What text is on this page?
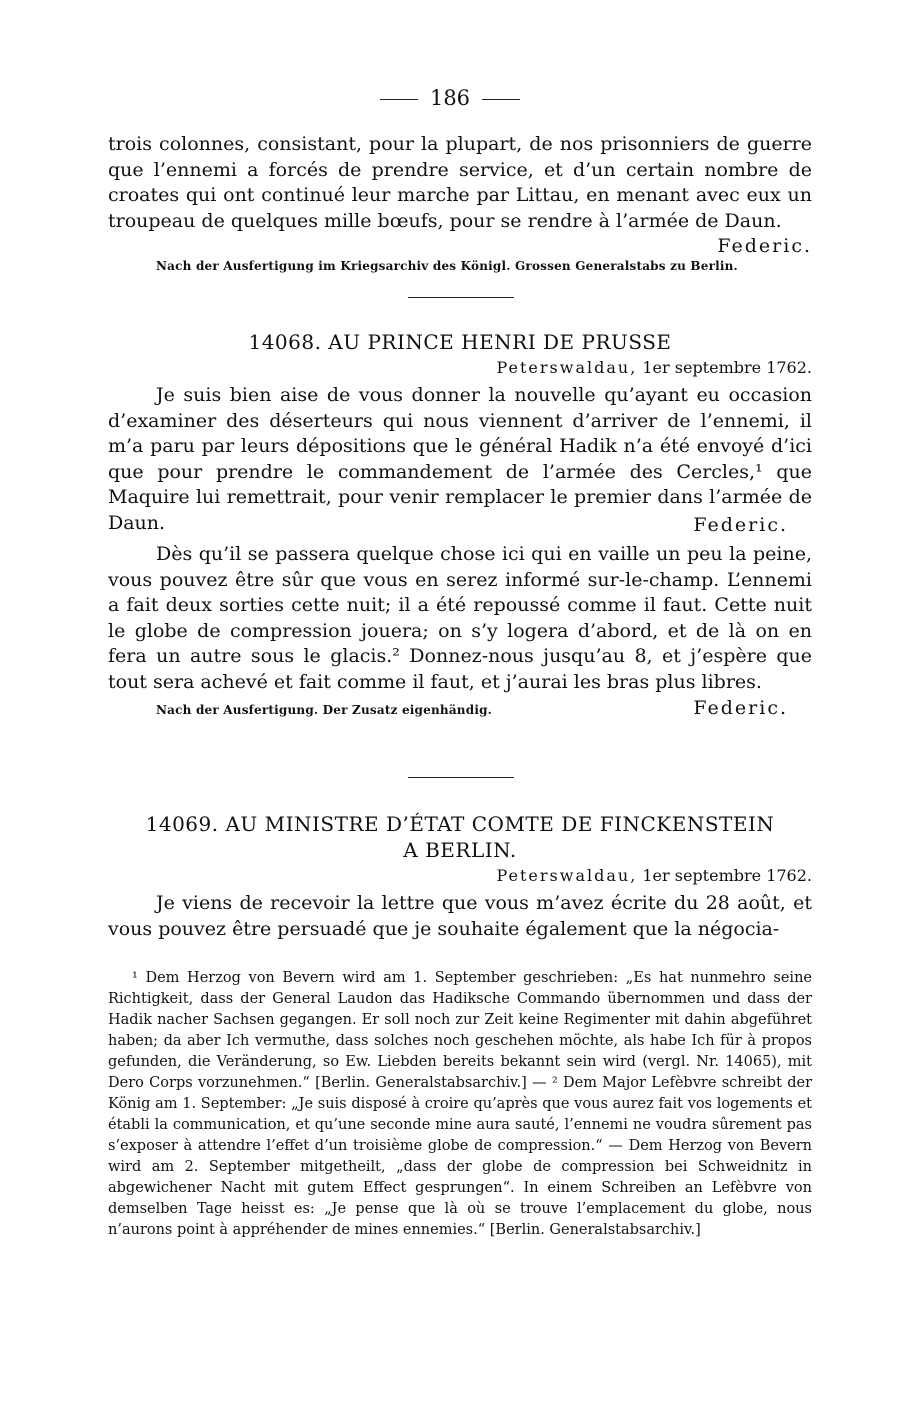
186

trois colonnes, consistant, pour la plupart, de nos prisonniers de guerre que l’ennemi a forcés de prendre service, et d’un certain nombre de croates qui ont continué leur marche par Littau, en menant avec eux un troupeau de quelques mille bœufs, pour se rendre à l’armée de Daun.

Federic.
Nach der Ausfertigung im Kriegsarchiv des Königl. Grossen Generalstabs zu Berlin.
14068. AU PRINCE HENRI DE PRUSSE
Peterswaldau, 1er septembre 1762.

Je suis bien aise de vous donner la nouvelle qu’ayant eu occasion d’examiner des déserteurs qui nous viennent d’arriver de l’ennemi, il m’a paru par leurs dépositions que le général Hadik n’a été envoyé d’ici que pour prendre le commandement de l’armée des Cercles,¹ que Maquire lui remettrait, pour venir remplacer le premier dans l’armée de Daun.	Federic.

Dès qu’il se passera quelque chose ici qui en vaille un peu la peine, vous pouvez être sûr que vous en serez informé sur-le-champ. L’ennemi a fait deux sorties cette nuit; il a été repoussé comme il faut. Cette nuit le globe de compression jouera; on s’y logera d’abord, et de là on en fera un autre sous le glacis.² Donnez-nous jusqu’au 8, et j’espère que tout sera achevé et fait comme il faut, et j’aurai les bras plus libres.

Nach der Ausfertigung. Der Zusatz eigenhändig.	Federic.
14069. AU MINISTRE D’ÉTAT COMTE DE FINCKENSTEIN
A BERLIN.
Peterswaldau, 1er septembre 1762.

Je viens de recevoir la lettre que vous m’avez écrite du 28 août, et vous pouvez être persuadé que je souhaite également que la négocia-

¹ Dem Herzog von Bevern wird am 1. September geschrieben: „Es hat nunmehro seine Richtigkeit, dass der General Laudon das Hadiksche Commando übernommen und dass der Hadik nacher Sachsen gegangen. Er soll noch zur Zeit keine Regimenter mit dahin abgeführet haben; da aber Ich vermuthe, dass solches noch geschehen möchte, als habe Ich für à propos gefunden, die Veränderung, so Ew. Liebden bereits bekannt sein wird (vergl. Nr. 14065), mit Dero Corps vorzunehmen.“ [Berlin. Generalstabsarchiv.] — ² Dem Major Lefèbvre schreibt der König am 1. September: „Je suis disposé à croire qu’après que vous aurez fait vos logements et établi la communication, et qu’une seconde mine aura sauté, l’ennemi ne voudra sûrement pas s’exposer à attendre l’effet d’un troisième globe de compression.“ — Dem Herzog von Bevern wird am 2. September mitgetheilt, „dass der globe de compression bei Schweidnitz in abgewichener Nacht mit gutem Effect gesprungen“. In einem Schreiben an Lefèbvre von demselben Tage heisst es: „Je pense que là où se trouve l’emplacement du globe, nous n’aurons point à appréhender de mines ennemies.“ [Berlin. Generalstabsarchiv.]
